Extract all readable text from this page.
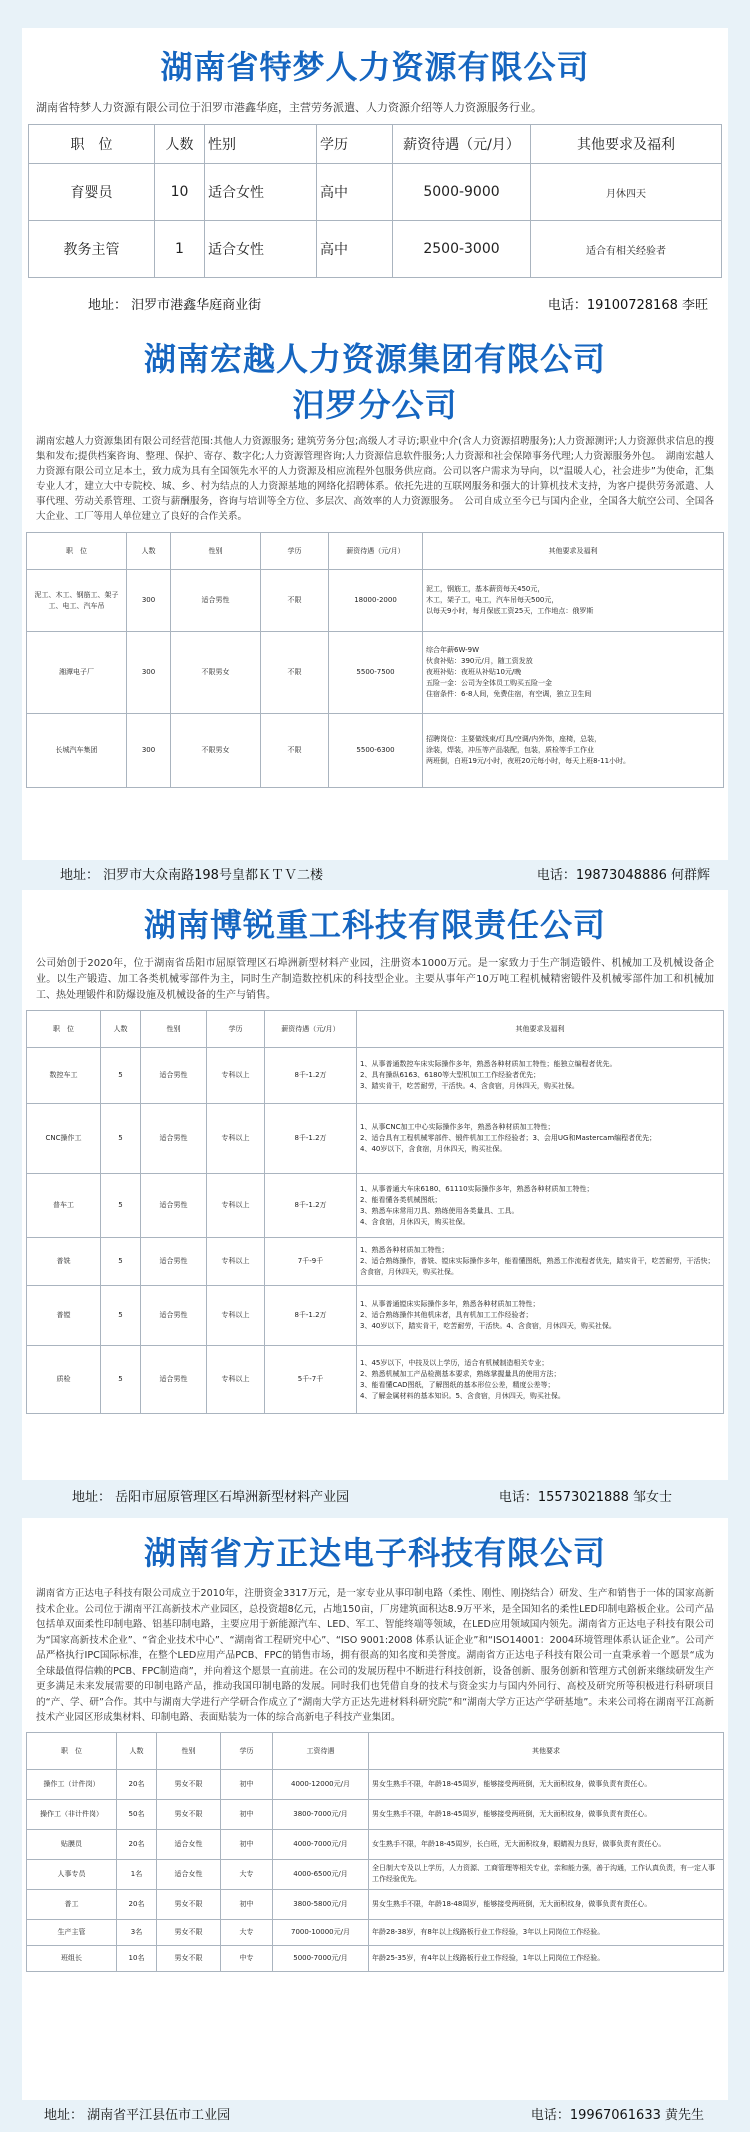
湖南省特梦人力资源有限公司
湖南省特梦人力资源有限公司位于汨罗市港鑫华庭，主营劳务派遣、人力资源介绍等人力资源服务行业。
职　位	人数	性别	学历	薪资待遇（元/月）	其他要求及福利
育婴员	10	适合女性	高中	5000-9000	月休四天
教务主管	1	适合女性	高中	2500-3000	适合有相关经验者
地址： 汨罗市港鑫华庭商业街	电话：19100728168 李旺
湖南宏越人力资源集团有限公司
汨罗分公司
湖南宏越人力资源集团有限公司经营范围:其他人力资源服务; 建筑劳务分包;高级人才寻访;职业中介(含人力资源招聘服务);人力资源测评;人力资源供求信息的搜集和发布;提供档案咨询、整理、保护、寄存、数字化;人力资源管理咨询;人力资源信息软件服务;人力资源和社会保障事务代理;人力资源服务外包。　湖南宏越人力资源有限公司立足本土，致力成为具有全国领先水平的人力资源及相应流程外包服务供应商。公司以客户需求为导向，以“温暖人心，社会进步”为使命，汇集专业人才，建立大中专院校、城、乡、村为结点的人力资源基地的网络化招聘体系。依托先进的互联网服务和强大的计算机技术支持，为客户提供劳务派遣、人事代理、劳动关系管理、工资与薪酬服务，咨询与培训等全方位、多层次、高效率的人力资源服务。　公司自成立至今已与国内企业，全国各大航空公司、全国各大企业、工厂等用人单位建立了良好的合作关系。
职　位	人数	性别	学历	薪资待遇（元/月）	其他要求及福利
泥工、木工、钢筋工、架子工、电工、汽车吊	300	适合男性	不限	18000-2000	泥工，钢筋工，基本薪资每天450元，
木工，架子工，电工，汽车吊每天500元，
以每天9小时，每月保底工资25天，工作地点：俄罗斯

湘潭电子厂	300	不限男女	不限	5500-7500	综合年薪6W-9W
伙食补贴：390元/月，随工资发放
夜班补贴：夜班从补贴10元/晚
五险一金：公司为全体员工购买五险一金
住宿条件：6-8人间，免费住宿，有空调，独立卫生间

长城汽车集团	300	不限男女	不限	5500-6300	招聘岗位：主要做线束/灯具/空调/内外饰，座椅，总装，
涂装，焊装，冲压等产品装配，包装，质检等手工作业
两班倒，白班19元/小时，夜班20元每小时，每天上班8-11小时。
地址： 汨罗市大众南路198号皇都ＫＴＶ二楼	电话：19873048886 何群辉
湖南博锐重工科技有限责任公司
公司始创于2020年，位于湖南省岳阳市屈原管理区石埠洲新型材料产业园，注册资本1000万元。是一家致力于生产制造锻件、机械加工及机械设备企业。以生产锻造、加工各类机械零部件为主，同时生产制造数控机床的科技型企业。主要从事年产10万吨工程机械精密锻件及机械零部件加工和机械加工、热处理锻件和防爆设施及机械设备的生产与销售。
职　位	人数	性别	学历	薪资待遇（元/月）	其他要求及福利
数控车工	5	适合男性	专科以上	8千-1.2万	1、从事普通数控车床实际操作多年，熟悉各种材质加工特性；能独立编程者优先。
2、具有操纵6163、6180等大型机加工工作经验者优先；
3、踏实肯干，吃苦耐劳，干活快。4、含食宿，月休四天，购买社保。

CNC操作工	5	适合男性	专科以上	8千-1.2万	1、从事CNC加工中心实际操作多年，熟悉各种材质加工特性；
2、适合具有工程机械零部件、锻件机加工工作经验者；3、会用UG和Mastercam编程者优先；
4、40岁以下，含食宿，月休四天，购买社保。

普车工	5	适合男性	专科以上	8千-1.2万	1、从事普通大车床6180、61110实际操作多年，熟悉各种材质加工特性；
2、能看懂各类机械图纸；
3、熟悉车床常用刀具、熟练使用各类量具、工具。
4、含食宿，月休四天，购买社保。

普铣	5	适合男性	专科以上	7千-9千	1、熟悉各种材质加工特性；
2、适合熟练操作，普铣、镗床实际操作多年，能看懂图纸，熟悉工作流程者优先，踏实肯干，吃苦耐劳，干活快；含食宿，月休四天，购买社保。

普镗	5	适合男性	专科以上	8千-1.2万	1、从事普通镗床实际操作多年，熟悉各种材质加工特性；
2、适合熟练操作其他机床者，具有机加工工作经验者；
3、40岁以下，踏实肯干，吃苦耐劳，干活快。4、含食宿，月休四天，购买社保。

质检	5	适合男性	专科以上	5千-7千	1、45岁以下，中技及以上学历，适合有机械制造相关专业；
2、熟悉机械加工产品检测基本要求，熟练掌握量具的使用方法；
3、能看懂CAD图纸，了解图纸的基本形位公差，精度公差等；
4、了解金属材料的基本知识。5、含食宿，月休四天，购买社保。
地址： 岳阳市屈原管理区石埠洲新型材料产业园	电话：15573021888 邹女士
湖南省方正达电子科技有限公司
湖南省方正达电子科技有限公司成立于2010年，注册资金3317万元，是一家专业从事印制电路（柔性、刚性、刚挠结合）研发、生产和销售于一体的国家高新技术企业。公司位于湖南平江高新技术产业园区，总投资超8亿元，占地150亩，厂房建筑面积达8.9万平米，是全国知名的柔性LED印制电路板企业。公司产品包括单双面柔性印制电路、铝基印制电路，主要应用于新能源汽车、LED、军工、智能终端等领域，在LED应用领域国内领先。湖南省方正达电子科技有限公司为“国家高新技术企业”、“省企业技术中心”、“湖南省工程研究中心”、“ISO 9001:2008 体系认证企业”和“ISO14001：2004环境管理体系认证企业”。公司产品严格执行IPC国际标准，在整个LED应用产品PCB、FPC的销售市场，拥有很高的知名度和美誉度。湖南省方正达电子科技有限公司一直秉承着一个愿景“成为全球最值得信赖的PCB、FPC制造商”，并向着这个愿景一直前进。在公司的发展历程中不断进行科技创新，设备创新、服务创新和管理方式创新来继续研发生产更多满足未来发展需要的印制电路产品，推动我国印制电路的发展。同时我们也凭借自身的技术与资金实力与国内外同行、高校及研究所等积极进行科研项目的“产、学、研”合作。其中与湖南大学进行产学研合作成立了“湖南大学方正达先进材料科研究院”和“湖南大学方正达产学研基地”。未来公司将在湖南平江高新技术产业园区形成集材料、印制电路、表面贴装为一体的综合高新电子科技产业集团。
职　位	人数	性别	学历	工资待遇	其他要求
操作工（计件岗）	20名	男女不限	初中	4000-12000元/月	男女生熟手不限，年龄18-45周岁，能够接受两班倒，无大面积纹身，做事负责有责任心。

操作工（非计件岗）	50名	男女不限	初中	3800-7000元/月	男女生熟手不限，年龄18-45周岁，能够接受两班倒，无大面积纹身，做事负责有责任心。

贴膜员	20名	适合女性	初中	4000-7000元/月	女生熟手不限，年龄18-45周岁，长白班，无大面积纹身，眼睛视力良好，做事负责有责任心。

人事专员	1名	适合女性	大专	4000-6500元/月	全日制大专及以上学历，人力资源、工商管理等相关专业，亲和能力强，善于沟通，工作认真负责，有一定人事工作经验优先。

普工	20名	男女不限	初中	3800-5800元/月	男女生熟手不限，年龄18-48周岁，能够接受两班倒，无大面积纹身，做事负责有责任心。

生产主管	3名	男女不限	大专	7000-10000元/月	年龄28-38岁，有8年以上线路板行业工作经验，3年以上同岗位工作经验。

班组长	10名	男女不限	中专	5000-7000元/月	年龄25-35岁，有4年以上线路板行业工作经验，1年以上同岗位工作经验。
地址： 湖南省平江县伍市工业园	电话：19967061633 黄先生
